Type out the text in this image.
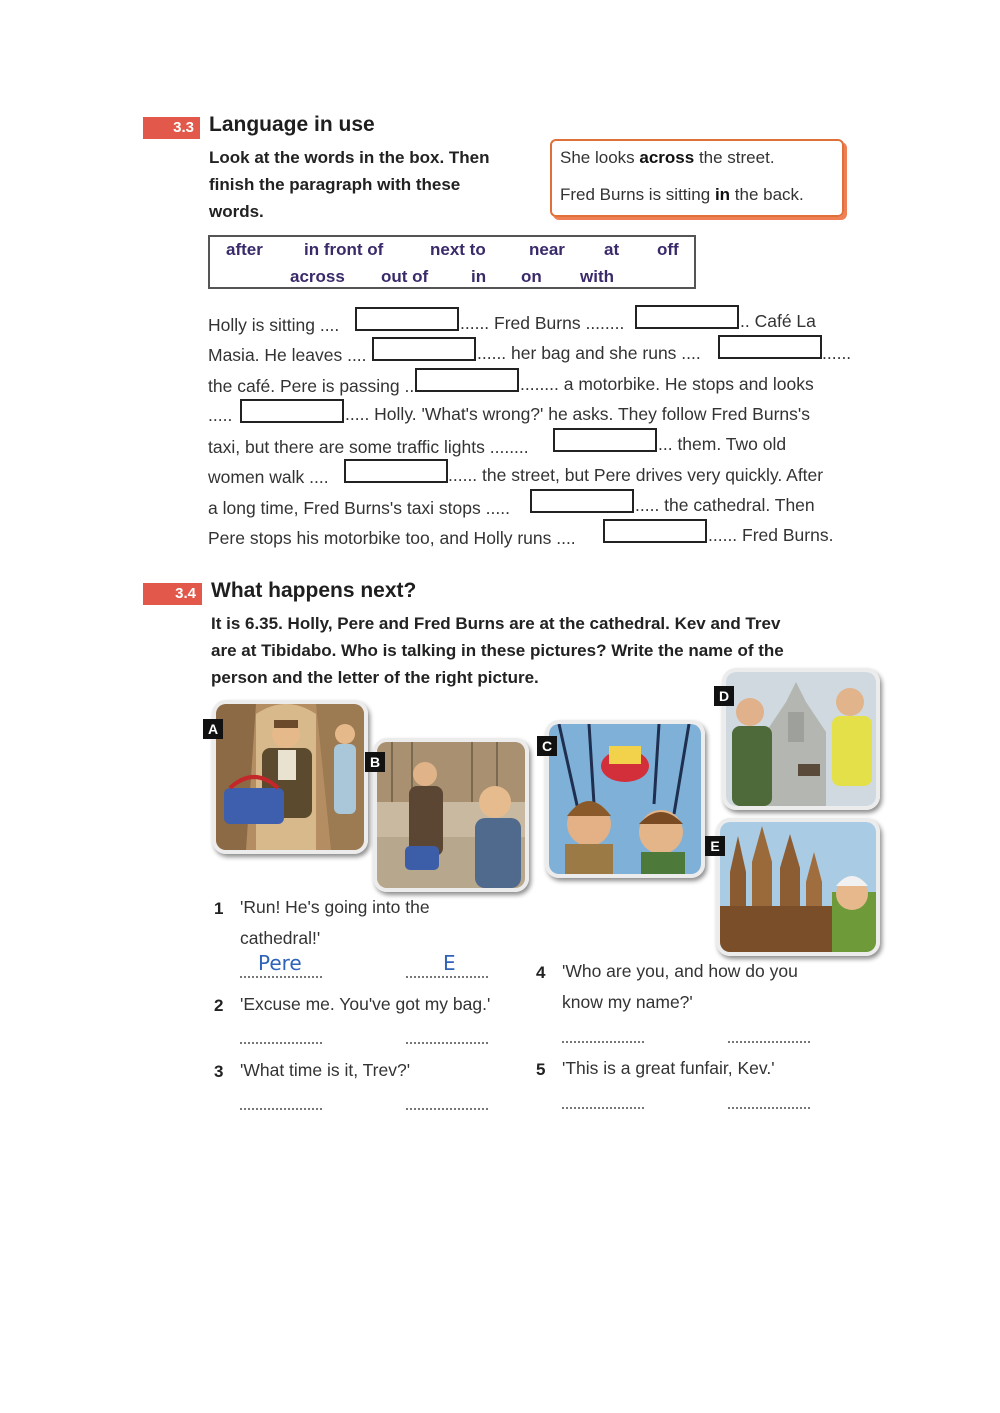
3.3 Language in use
Look at the words in the box. Then
finish the paragraph with these
words.
She looks across the street.
Fred Burns is sitting in the back.
after in front of	next to	near at off
across out of	in on with
Holly is sitting ....	...... Fred Burns ........	.. Café La
Masia. He leaves ....	...... her bag and she runs ....	......
the café. Pere is passing ..	........ a motorbike. He stops and looks
.....	..... Holly. 'What's wrong?' he asks. They follow Fred Burns's
taxi, but there are some traffic lights ........	... them. Two old
women walk ....	...... the street, but Pere drives very quickly. After
a long time, Fred Burns's taxi stops .....	..... the cathedral. Then
Pere stops his motorbike too, and Holly runs ....	...... Fred Burns.
3.4 What happens next?
It is 6.35. Holly, Pere and Fred Burns are at the cathedral. Kev and Trev
are at Tibidabo. Who is talking in these pictures? Write the name of the
person and the letter of the right picture.
A
B
C
D
E
1 'Run! He's going into the
cathedral!'
Pere	E
2 'Excuse me. You've got my bag.'
3 'What time is it, Trev?'
4 'Who are you, and how do you
know my name?'
5 'This is a great funfair, Kev.'
